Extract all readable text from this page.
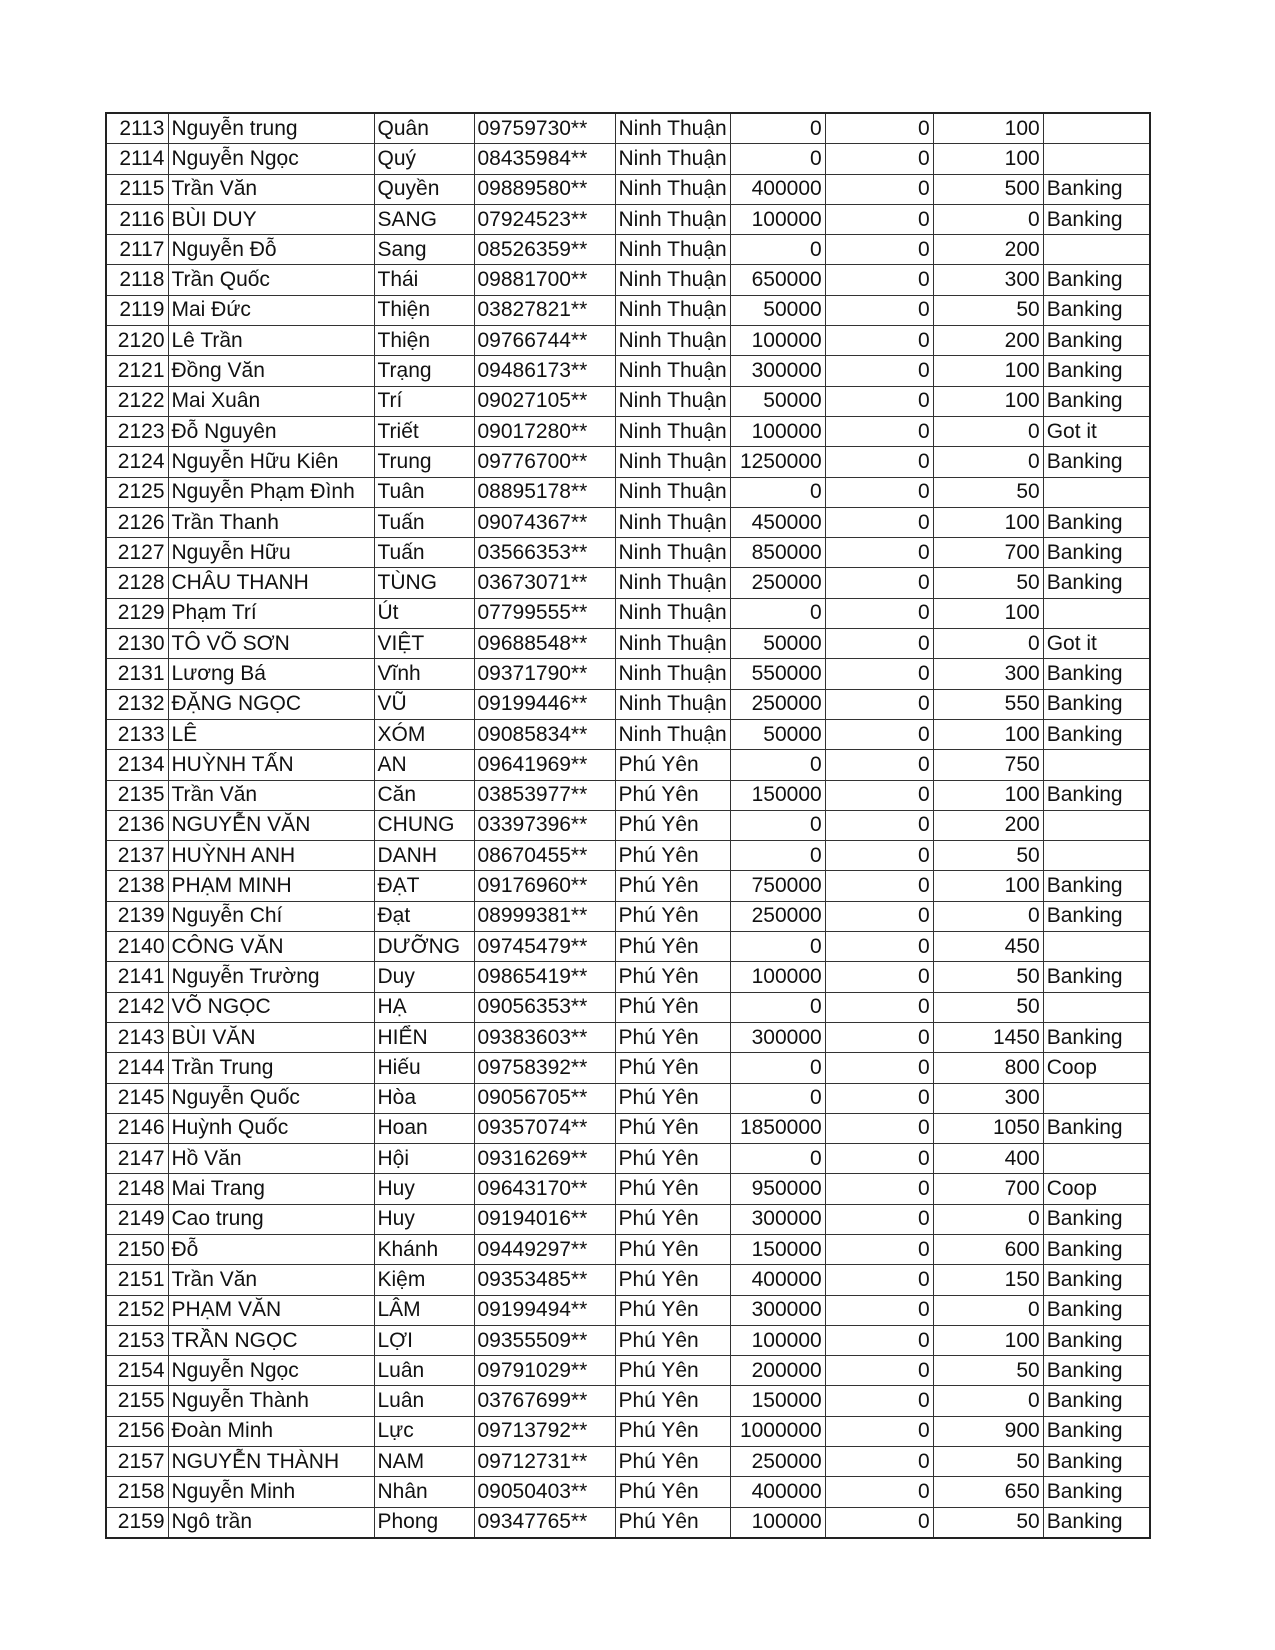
2113	Nguyễn trung	Quân	09759730**	Ninh Thuận	0	0	100	
2114	Nguyễn Ngọc	Quý	08435984**	Ninh Thuận	0	0	100	
2115	Trần Văn	Quyền	09889580**	Ninh Thuận	400000	0	500	Banking
2116	BÙI DUY	SANG	07924523**	Ninh Thuận	100000	0	0	Banking
2117	Nguyễn Đỗ	Sang	08526359**	Ninh Thuận	0	0	200	
2118	Trần Quốc	Thái	09881700**	Ninh Thuận	650000	0	300	Banking
2119	Mai Đức	Thiện	03827821**	Ninh Thuận	50000	0	50	Banking
2120	Lê Trần	Thiện	09766744**	Ninh Thuận	100000	0	200	Banking
2121	Đồng Văn	Trạng	09486173**	Ninh Thuận	300000	0	100	Banking
2122	Mai Xuân	Trí	09027105**	Ninh Thuận	50000	0	100	Banking
2123	Đỗ Nguyên	Triết	09017280**	Ninh Thuận	100000	0	0	Got it
2124	Nguyễn Hữu Kiên	Trung	09776700**	Ninh Thuận	1250000	0	0	Banking
2125	Nguyễn Phạm Đình	Tuân	08895178**	Ninh Thuận	0	0	50	
2126	Trần Thanh	Tuấn	09074367**	Ninh Thuận	450000	0	100	Banking
2127	Nguyễn Hữu	Tuấn	03566353**	Ninh Thuận	850000	0	700	Banking
2128	CHÂU THANH	TÙNG	03673071**	Ninh Thuận	250000	0	50	Banking
2129	Phạm Trí	Út	07799555**	Ninh Thuận	0	0	100	
2130	TÔ VÕ SƠN	VIỆT	09688548**	Ninh Thuận	50000	0	0	Got it
2131	Lương Bá	Vĩnh	09371790**	Ninh Thuận	550000	0	300	Banking
2132	ĐẶNG NGỌC	VŨ	09199446**	Ninh Thuận	250000	0	550	Banking
2133	LÊ	XÓM	09085834**	Ninh Thuận	50000	0	100	Banking
2134	HUỲNH TẤN	AN	09641969**	Phú Yên	0	0	750	
2135	Trần Văn	Căn	03853977**	Phú Yên	150000	0	100	Banking
2136	NGUYỄN VĂN	CHUNG	03397396**	Phú Yên	0	0	200	
2137	HUỲNH ANH	DANH	08670455**	Phú Yên	0	0	50	
2138	PHẠM MINH	ĐẠT	09176960**	Phú Yên	750000	0	100	Banking
2139	Nguyễn Chí	Đạt	08999381**	Phú Yên	250000	0	0	Banking
2140	CÔNG VĂN	DƯỠNG	09745479**	Phú Yên	0	0	450	
2141	Nguyễn Trường	Duy	09865419**	Phú Yên	100000	0	50	Banking
2142	VÕ NGỌC	HẠ	09056353**	Phú Yên	0	0	50	
2143	BÙI VĂN	HIỂN	09383603**	Phú Yên	300000	0	1450	Banking
2144	Trần Trung	Hiếu	09758392**	Phú Yên	0	0	800	Coop
2145	Nguyễn Quốc	Hòa	09056705**	Phú Yên	0	0	300	
2146	Huỳnh Quốc	Hoan	09357074**	Phú Yên	1850000	0	1050	Banking
2147	Hồ Văn	Hội	09316269**	Phú Yên	0	0	400	
2148	Mai Trang	Huy	09643170**	Phú Yên	950000	0	700	Coop
2149	Cao trung	Huy	09194016**	Phú Yên	300000	0	0	Banking
2150	Đỗ	Khánh	09449297**	Phú Yên	150000	0	600	Banking
2151	Trần Văn	Kiệm	09353485**	Phú Yên	400000	0	150	Banking
2152	PHẠM VĂN	LÂM	09199494**	Phú Yên	300000	0	0	Banking
2153	TRẦN NGỌC	LỢI	09355509**	Phú Yên	100000	0	100	Banking
2154	Nguyễn Ngọc	Luân	09791029**	Phú Yên	200000	0	50	Banking
2155	Nguyễn Thành	Luân	03767699**	Phú Yên	150000	0	0	Banking
2156	Đoàn Minh	Lực	09713792**	Phú Yên	1000000	0	900	Banking
2157	NGUYỄN THÀNH	NAM	09712731**	Phú Yên	250000	0	50	Banking
2158	Nguyễn Minh	Nhân	09050403**	Phú Yên	400000	0	650	Banking
2159	Ngô trần	Phong	09347765**	Phú Yên	100000	0	50	Banking
